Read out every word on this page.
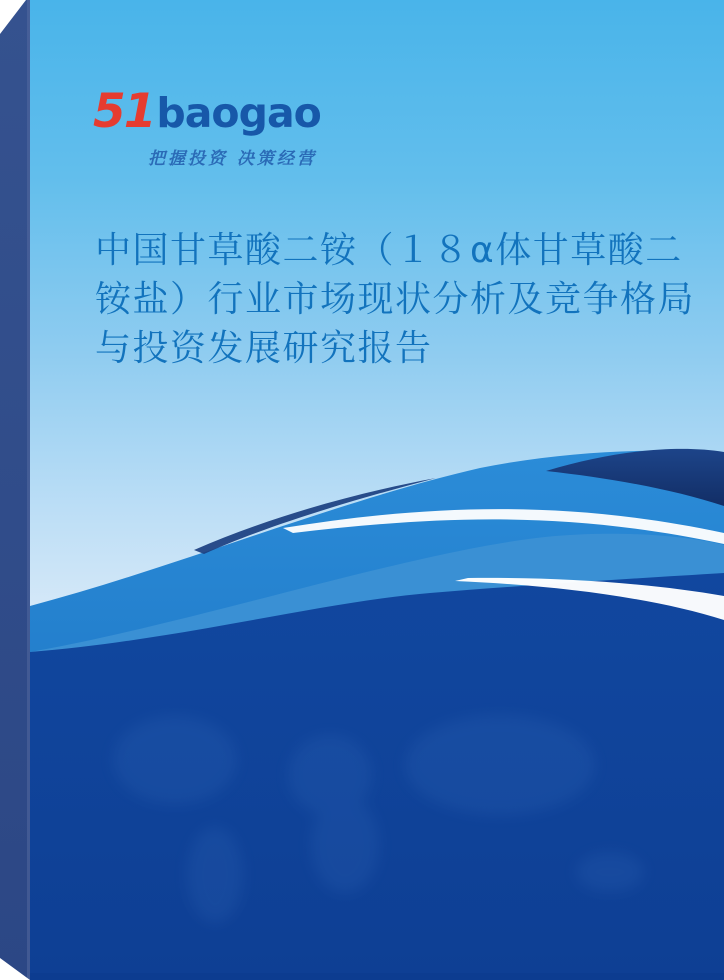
51baogao
把握投资 决策经营
中国甘草酸二铵（１８α体甘草酸二
铵盐）行业市场现状分析及竞争格局
与投资发展研究报告
